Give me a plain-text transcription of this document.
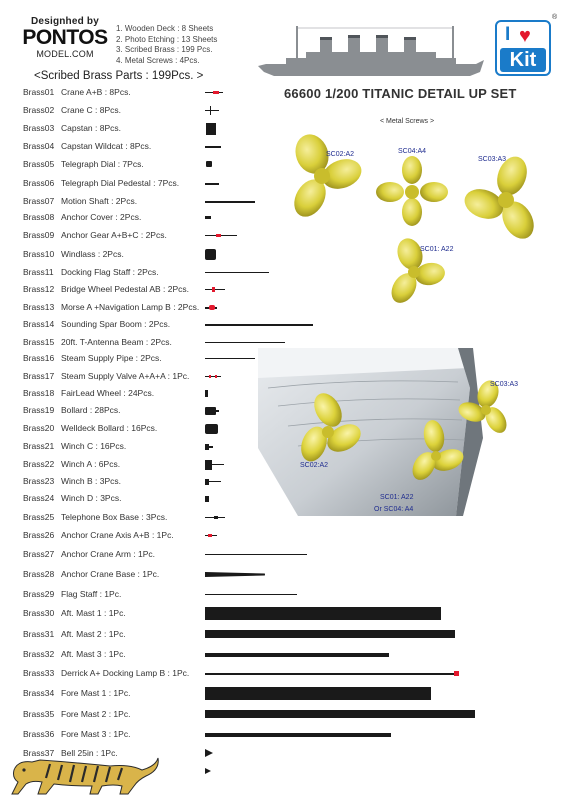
Designhed by
PONTOS
MODEL.COM
1. Wooden Deck : 8 Sheets
2. Photo Etching : 13 Sheets
3. Scribed Brass : 199 Pcs.
4. Metal Screws : 4Pcs.
I ♥
Kit
®
<Scribed Brass Parts : 199Pcs. >
66600 1/200 TITANIC DETAIL UP SET
< Metal Screws >
Brass01 Crane A+B : 8Pcs.
Brass02 Crane C : 8Pcs.
Brass03 Capstan : 8Pcs.
Brass04 Capstan Wildcat : 8Pcs.
Brass05 Telegraph Dial : 7Pcs.
Brass06 Telegraph Dial Pedestal : 7Pcs.
Brass07 Motion Shaft : 2Pcs.
Brass08 Anchor Cover : 2Pcs.
Brass09 Anchor Gear A+B+C : 2Pcs.
Brass10 Windlass : 2Pcs.
Brass11 Docking Flag Staff : 2Pcs.
Brass12 Bridge Wheel Pedestal AB : 2Pcs.
Brass13 Morse A +Navigation Lamp B : 2Pcs.
Brass14 Sounding Spar Boom : 2Pcs.
Brass15 20ft. T-Antenna Beam : 2Pcs.
Brass16 Steam Supply Pipe : 2Pcs.
Brass17 Steam Supply Valve A+A+A : 1Pc.
Brass18 FairLead Wheel : 24Pcs.
Brass19 Bollard : 28Pcs.
Brass20 Welldeck Bollard : 16Pcs.
Brass21 Winch C : 16Pcs.
Brass22 Winch A : 6Pcs.
Brass23 Winch B : 3Pcs.
Brass24 Winch D : 3Pcs.
Brass25 Telephone Box Base : 3Pcs.
Brass26 Anchor Crane Axis A+B : 1Pc.
Brass27 Anchor Crane Arm : 1Pc.
Brass28 Anchor Crane Base : 1Pc.
Brass29 Flag Staff : 1Pc.
Brass30 Aft. Mast 1 : 1Pc.
Brass31 Aft. Mast 2 : 1Pc.
Brass32 Aft. Mast 3 : 1Pc.
Brass33 Derrick A+ Docking Lamp B : 1Pc.
Brass34 Fore Mast 1 : 1Pc.
Brass35 Fore Mast 2 : 1Pc.
Brass36 Fore Mast 3 : 1Pc.
Brass37 Bell 25in : 1Pc.
SC02:A2	SC04:A4
SC03:A3
SC01: A22
SC03:A3
SC02:A2
SC01: A22
Or SC04: A4
